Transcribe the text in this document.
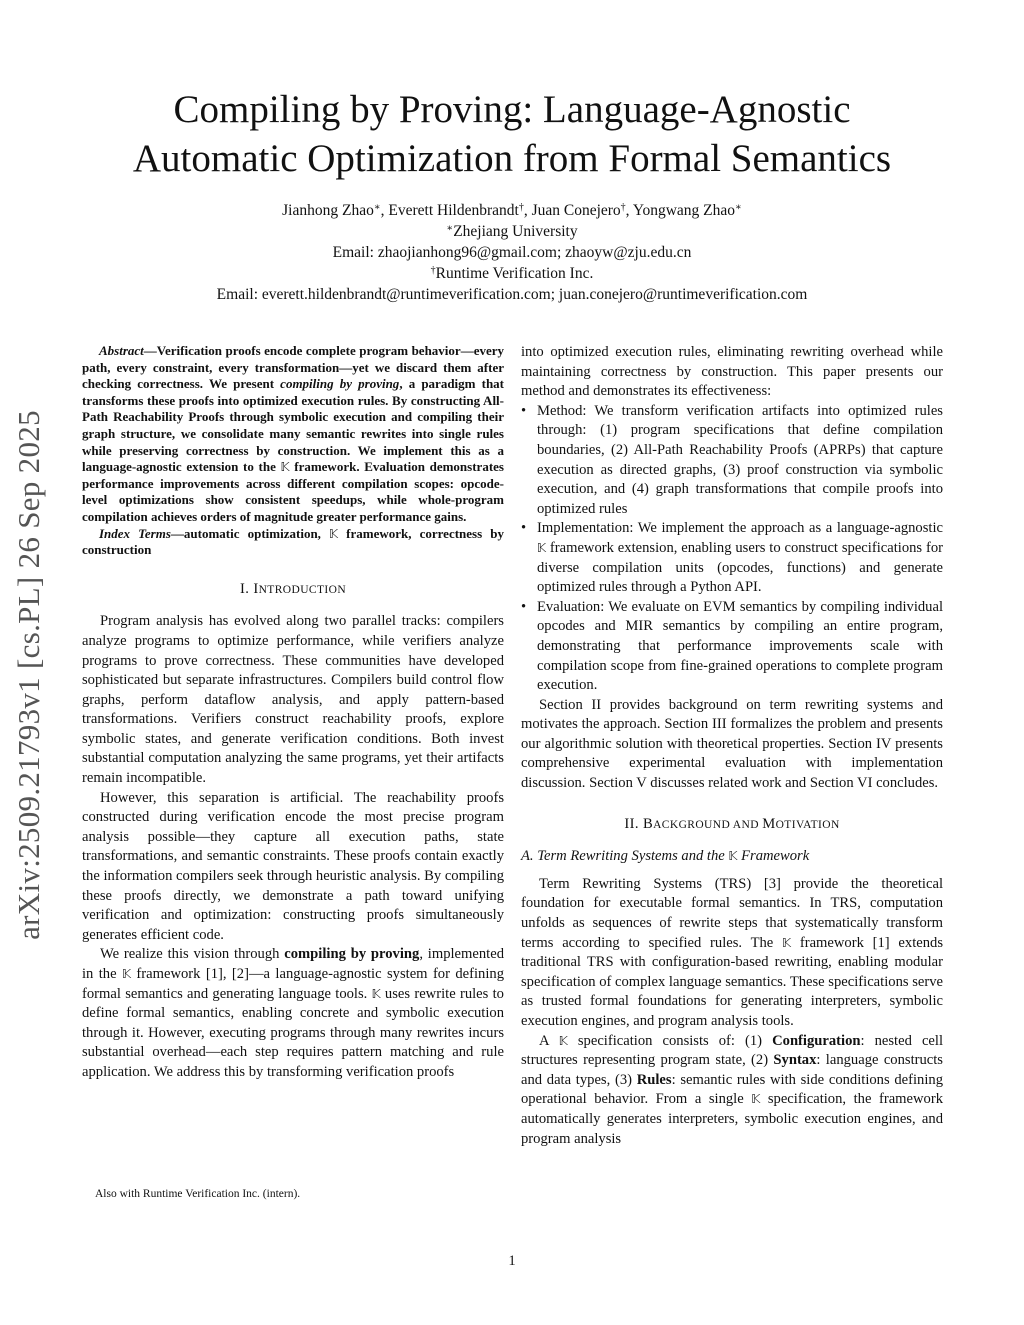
arXiv:2509.21793v1 [cs.PL] 26 Sep 2025
Compiling by Proving: Language-Agnostic
Automatic Optimization from Formal Semantics
Jianhong Zhao∗, Everett Hildenbrandt†, Juan Conejero†, Yongwang Zhao∗
∗Zhejiang University
Email: zhaojianhong96@gmail.com; zhaoyw@zju.edu.cn
†Runtime Verification Inc.
Email: everett.hildenbrandt@runtimeverification.com; juan.conejero@runtimeverification.com

Abstract—Verification proofs encode complete program behavior—every path, every constraint, every transformation—yet we discard them after checking correctness. We present compiling by proving, a paradigm that transforms these proofs into optimized execution rules. By constructing All-Path Reachability Proofs through symbolic execution and compiling their graph structure, we consolidate many semantic rewrites into single rules while preserving correctness by construction. We implement this as a language-agnostic extension to the 𝕂 framework. Evaluation demonstrates performance improvements across different compilation scopes: opcode-level optimizations show consistent speedups, while whole-program compilation achieves orders of magnitude greater performance gains.

Index Terms—automatic optimization, 𝕂 framework, correctness by construction

I. INTRODUCTION

Program analysis has evolved along two parallel tracks: compilers analyze programs to optimize performance, while verifiers analyze programs to prove correctness. These communities have developed sophisticated but separate infrastructures. Compilers build control flow graphs, perform dataflow analysis, and apply pattern-based transformations. Verifiers construct reachability proofs, explore symbolic states, and generate verification conditions. Both invest substantial computation analyzing the same programs, yet their artifacts remain incompatible.

However, this separation is artificial. The reachability proofs constructed during verification encode the most precise program analysis possible—they capture all execution paths, state transformations, and semantic constraints. These proofs contain exactly the information compilers seek through heuristic analysis. By compiling these proofs directly, we demonstrate a path toward unifying verification and optimization: constructing proofs simultaneously generates efficient code.

We realize this vision through compiling by proving, implemented in the 𝕂 framework [1], [2]—a language-agnostic system for defining formal semantics and generating language tools. 𝕂 uses rewrite rules to define formal semantics, enabling concrete and symbolic execution through it. However, executing programs through many rewrites incurs substantial overhead—each step requires pattern matching and rule application. We address this by transforming verification proofs

into optimized execution rules, eliminating rewriting overhead while maintaining correctness by construction. This paper presents our method and demonstrates its effectiveness:

• Method: We transform verification artifacts into optimized rules through: (1) program specifications that define compilation boundaries, (2) All-Path Reachability Proofs (APRPs) that capture execution as directed graphs, (3) proof construction via symbolic execution, and (4) graph transformations that compile proofs into optimized rules
• Implementation: We implement the approach as a language-agnostic 𝕂 framework extension, enabling users to construct specifications for diverse compilation units (opcodes, functions) and generate optimized rules through a Python API.
• Evaluation: We evaluate on EVM semantics by compiling individual opcodes and MIR semantics by compiling an entire program, demonstrating that performance improvements scale with compilation scope from fine-grained operations to complete program execution.

Section II provides background on term rewriting systems and motivates the approach. Section III formalizes the problem and presents our algorithmic solution with theoretical properties. Section IV presents comprehensive experimental evaluation with implementation discussion. Section V discusses related work and Section VI concludes.

II. BACKGROUND AND MOTIVATION
A. Term Rewriting Systems and the 𝕂 Framework

Term Rewriting Systems (TRS) [3] provide the theoretical foundation for executable formal semantics. In TRS, computation unfolds as sequences of rewrite steps that systematically transform terms according to specified rules. The 𝕂 framework [1] extends traditional TRS with configuration-based rewriting, enabling modular specification of complex language semantics. These specifications serve as trusted formal foundations for generating interpreters, symbolic execution engines, and program analysis tools.

A 𝕂 specification consists of: (1) Configuration: nested cell structures representing program state, (2) Syntax: language constructs and data types, (3) Rules: semantic rules with side conditions defining operational behavior. From a single 𝕂 specification, the framework automatically generates interpreters, symbolic execution engines, and program analysis

Also with Runtime Verification Inc. (intern).
1
